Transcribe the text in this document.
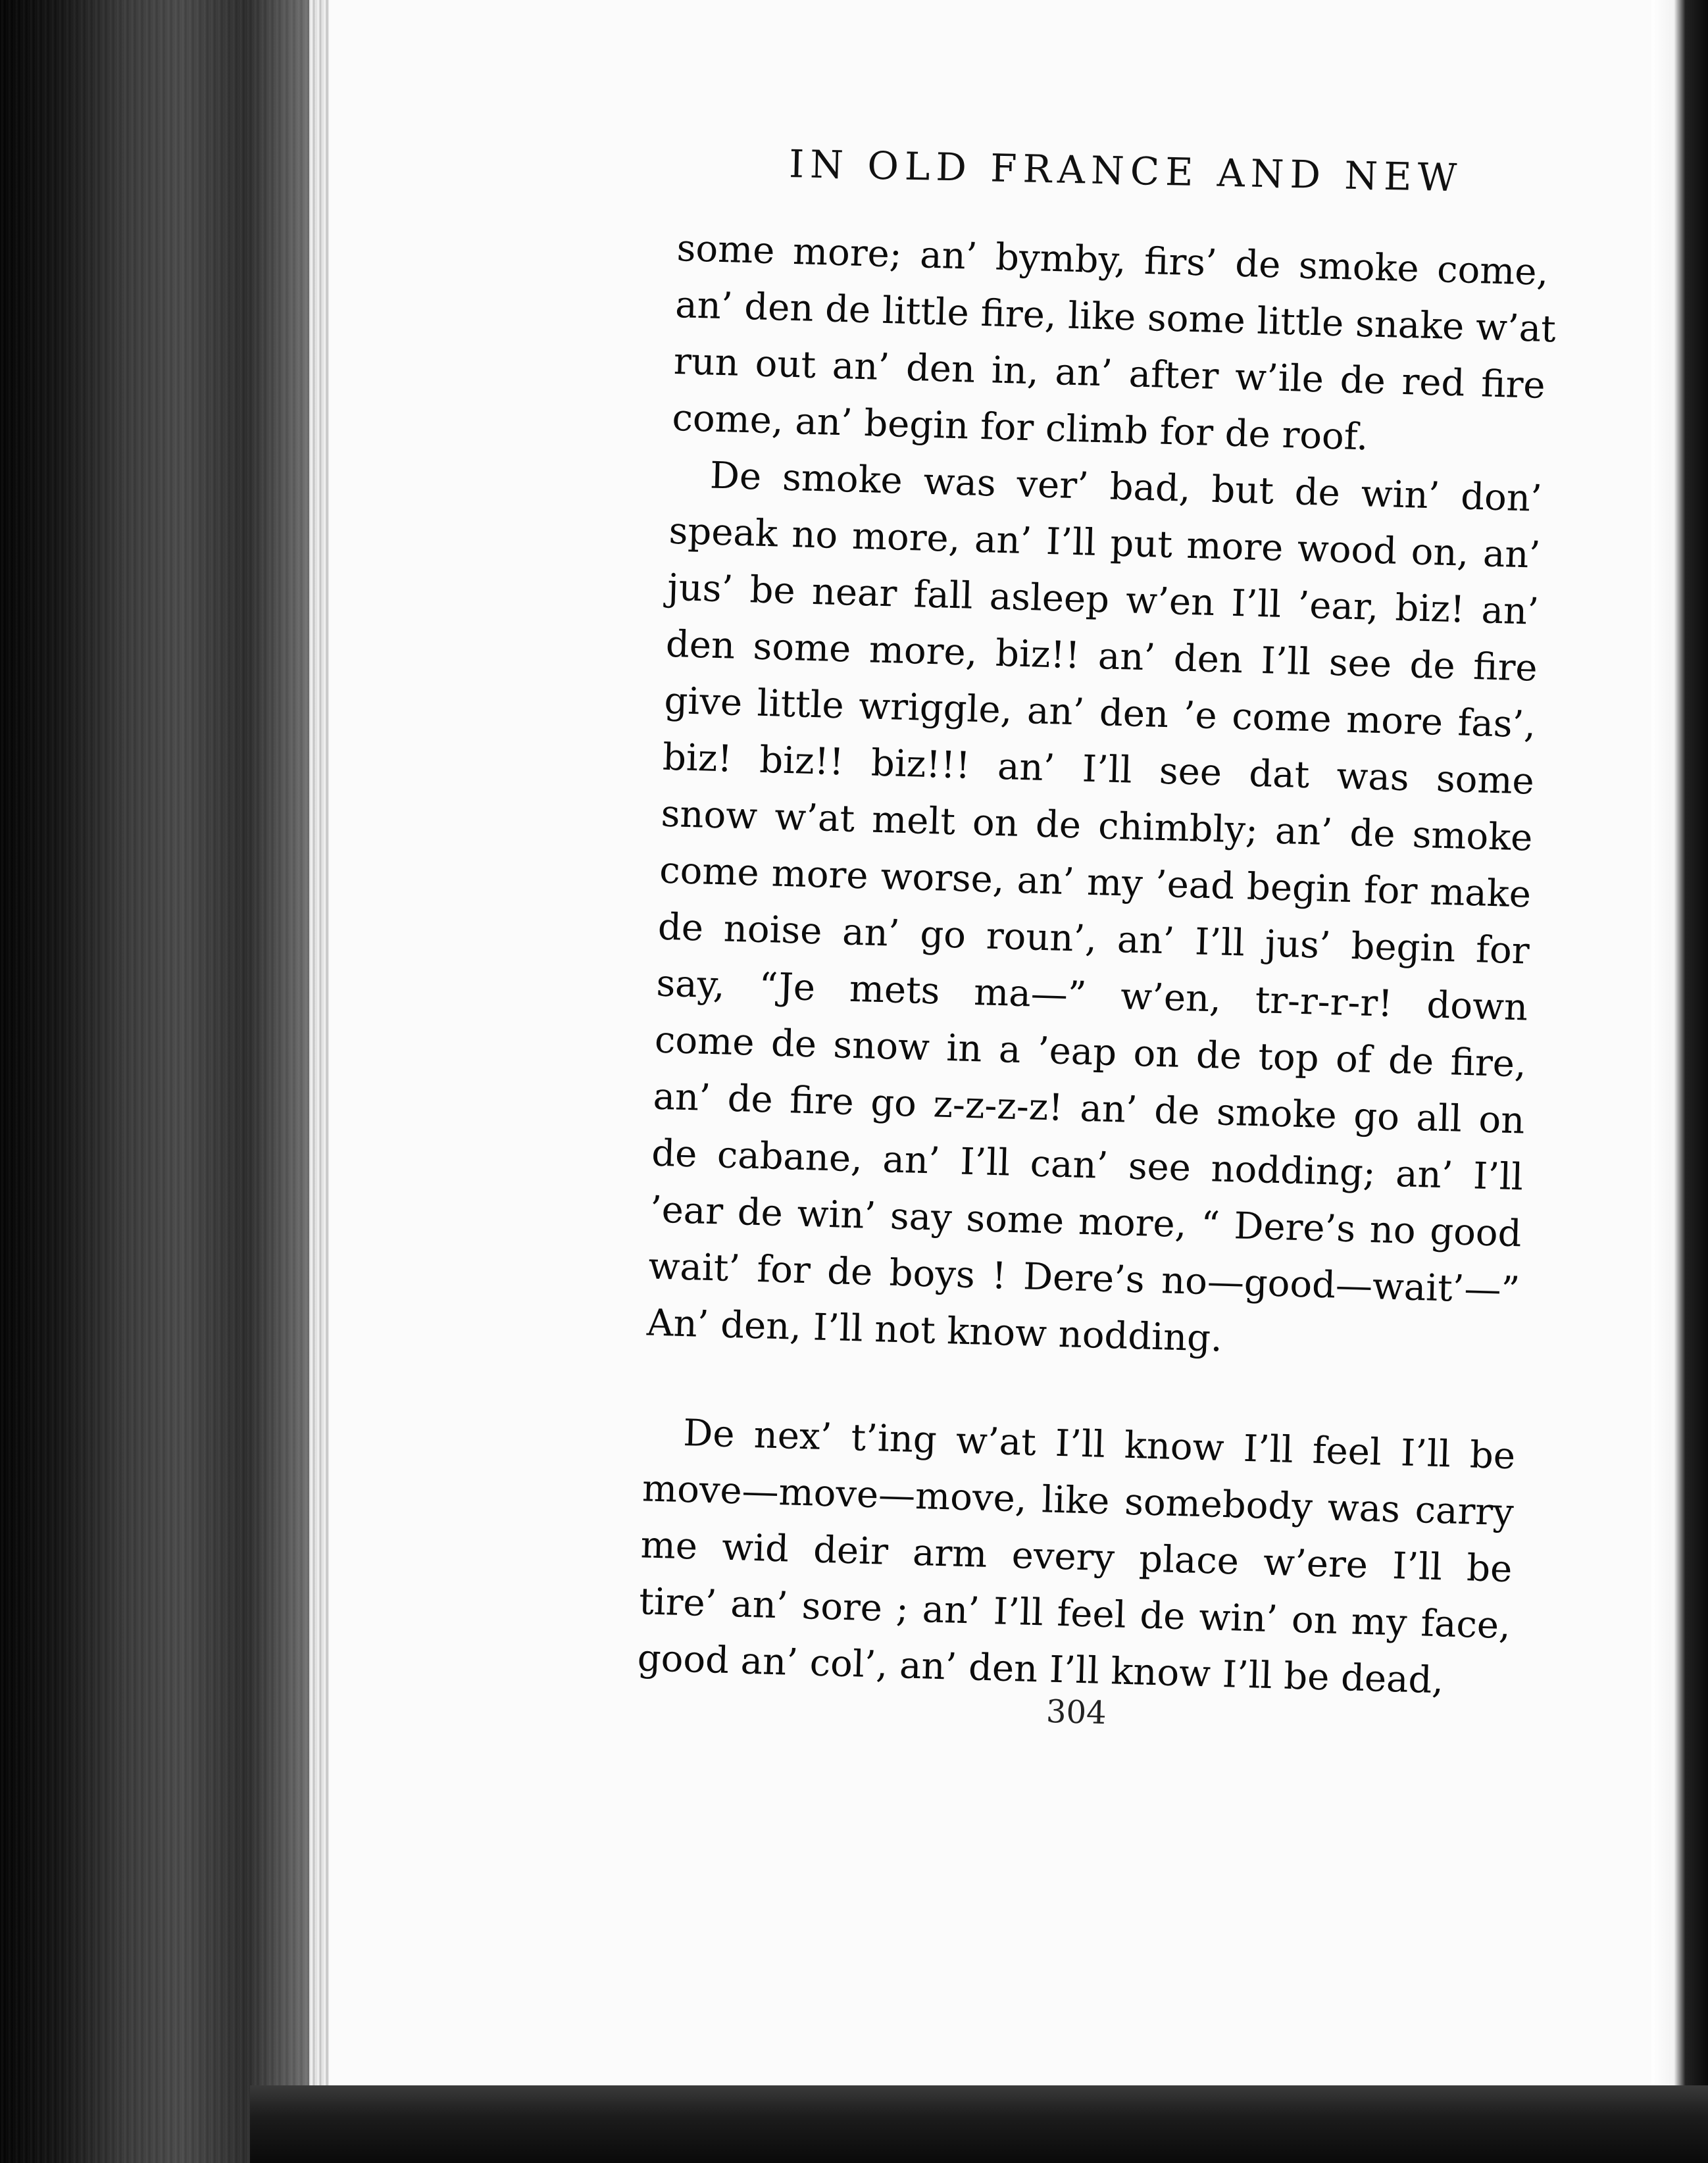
IN OLD FRANCE AND NEW
some more; an’ bymby, firs’ de smoke come,
an’ den de little fire, like some little snake w’at
run out an’ den in, an’ after w’ile de red fire
come, an’ begin for climb for de roof.
De smoke was ver’ bad, but de win’ don’
speak no more, an’ I’ll put more wood on, an’
jus’ be near fall asleep w’en I’ll ’ear, biz! an’
den some more, biz!! an’ den I’ll see de fire
give little wriggle, an’ den ’e come more fas’,
biz! biz!! biz!!! an’ I’ll see dat was some
snow w’at melt on de chimbly; an’ de smoke
come more worse, an’ my ’ead begin for make
de noise an’ go roun’, an’ I’ll jus’ begin for
say, “Je mets ma—” w’en, tr-r-r-r! down
come de snow in a ’eap on de top of de fire,
an’ de fire go z-z-z-z! an’ de smoke go all on
de cabane, an’ I’ll can’ see nodding; an’ I’ll
’ear de win’ say some more, “ Dere’s no good
wait’ for de boys ! Dere’s no—good—wait’—”
An’ den, I’ll not know nodding.
De nex’ t’ing w’at I’ll know I’ll feel I’ll be
move—move—move, like somebody was carry
me wid deir arm every place w’ere I’ll be
tire’ an’ sore ; an’ I’ll feel de win’ on my face,
good an’ col’, an’ den I’ll know I’ll be dead,
304
